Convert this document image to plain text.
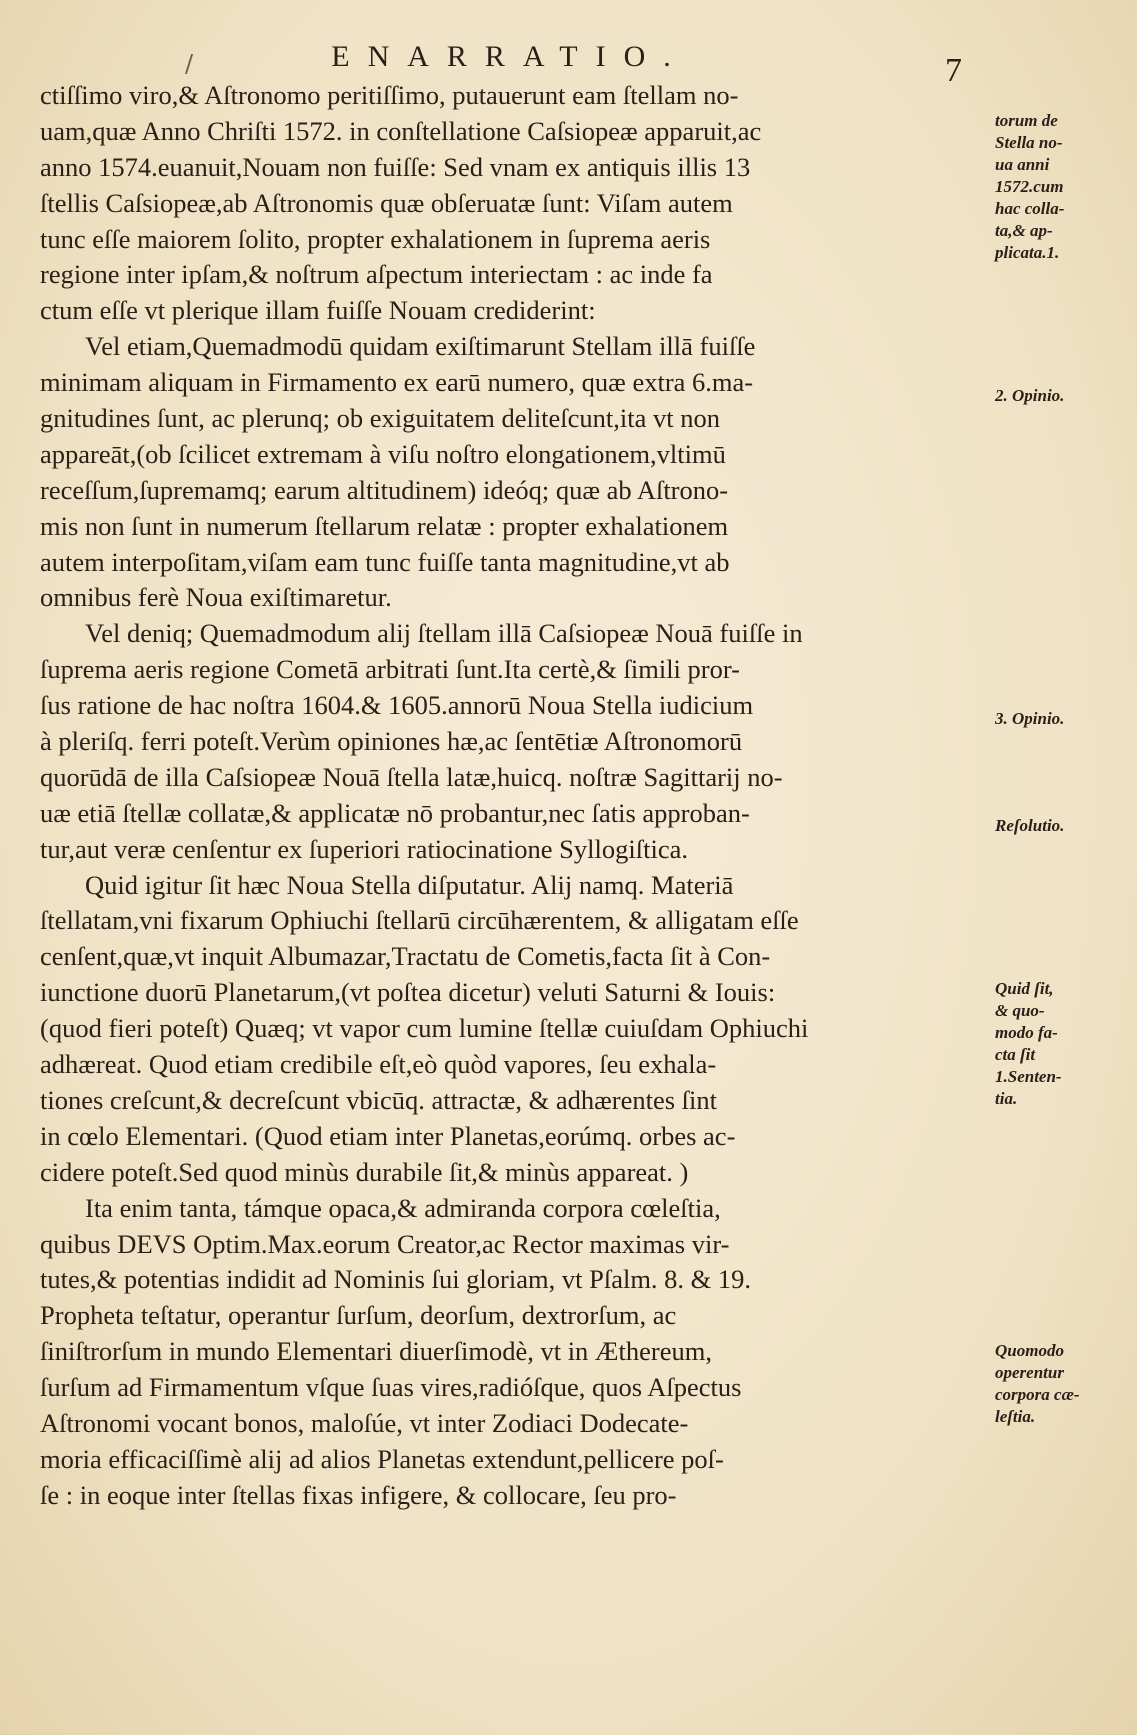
/	ENARRATIO.	7
ctiſſimo viro,& Aſtronomo peritiſſimo, putauerunt eam ſtellam no-
uam,quæ Anno Chriſti 1572. in conſtellatione Caſsiopeæ apparuit,ac
anno 1574.euanuit,Nouam non fuiſſe: Sed vnam ex antiquis illis 13
ſtellis Caſsiopeæ,ab Aſtronomis quæ obſeruatæ ſunt: Viſam autem
tunc eſſe maiorem ſolito, propter exhalationem in ſuprema aeris
regione inter ipſam,& noſtrum aſpectum interiectam : ac inde fa
ctum eſſe vt plerique illam fuiſſe Nouam crediderint:
Vel etiam,Quemadmodū quidam exiſtimarunt Stellam illā fuiſſe
minimam aliquam in Firmamento ex earū numero, quæ extra 6.ma-
gnitudines ſunt, ac plerunq; ob exiguitatem deliteſcunt,ita vt non
appareāt,(ob ſcilicet extremam à viſu noſtro elongationem,vltimū
receſſum,ſupremamq; earum altitudinem) ideóq; quæ ab Aſtrono-
mis non ſunt in numerum ſtellarum relatæ : propter exhalationem
autem interpoſitam,viſam eam tunc fuiſſe tanta magnitudine,vt ab
omnibus ferè Noua exiſtimaretur.
Vel deniq; Quemadmodum alij ſtellam illā Caſsiopeæ Nouā fuiſſe in
ſuprema aeris regione Cometā arbitrati ſunt.Ita certè,& ſimili pror-
ſus ratione de hac noſtra 1604.& 1605.annorū Noua Stella iudicium
à pleriſq. ferri poteſt.Verùm opiniones hæ,ac ſentētiæ Aſtronomorū
quorūdā de illa Caſsiopeæ Nouā ſtella latæ,huicq. noſtræ Sagittarij no-
uæ etiā ſtellæ collatæ,& applicatæ nō probantur,nec ſatis approban-
tur,aut veræ cenſentur ex ſuperiori ratiocinatione Syllogiſtica.
Quid igitur ſit hæc Noua Stella diſputatur. Alij namq. Materiā
ſtellatam,vni fixarum Ophiuchi ſtellarū circūhærentem, & alligatam eſſe
cenſent,quæ,vt inquit Albumazar,Tractatu de Cometis,facta ſit à Con-
iunctione duorū Planetarum,(vt poſtea dicetur) veluti Saturni & Iouis:
(quod fieri poteſt) Quæq; vt vapor cum lumine ſtellæ cuiuſdam Ophiuchi
adhæreat. Quod etiam credibile eſt,eò quòd vapores, ſeu exhala-
tiones creſcunt,& decreſcunt vbicūq. attractæ, & adhærentes ſint
in cœlo Elementari. (Quod etiam inter Planetas,eorúmq. orbes ac-
cidere poteſt.Sed quod minùs durabile ſit,& minùs appareat. )
Ita enim tanta, támque opaca,& admiranda corpora cœleſtia,
quibus DEVS Optim.Max.eorum Creator,ac Rector maximas vir-
tutes,& potentias indidit ad Nominis ſui gloriam, vt Pſalm. 8. & 19.
Propheta teſtatur, operantur ſurſum, deorſum, dextrorſum, ac
ſiniſtrorſum in mundo Elementari diuerſimodè, vt in Æthereum,
ſurſum ad Firmamentum vſque ſuas vires,radióſque, quos Aſpectus
Aſtronomi vocant bonos, maloſúe, vt inter Zodiaci Dodecate-
moria efficaciſſimè alij ad alios Planetas extendunt,pellicere poſ-
ſe : in eoque inter ſtellas fixas infigere, & collocare, ſeu pro-
torum de
Stella no-
ua anni
1572.cum
hac colla-
ta,& ap-
plicata.1.
2. Opinio.
3. Opinio.
Reſolutio.
Quid ſit,
& quo-
modo fa-
cta ſit
1.Senten-
tia.
Quomodo
operentur
corpora cæ-
leſtia.
